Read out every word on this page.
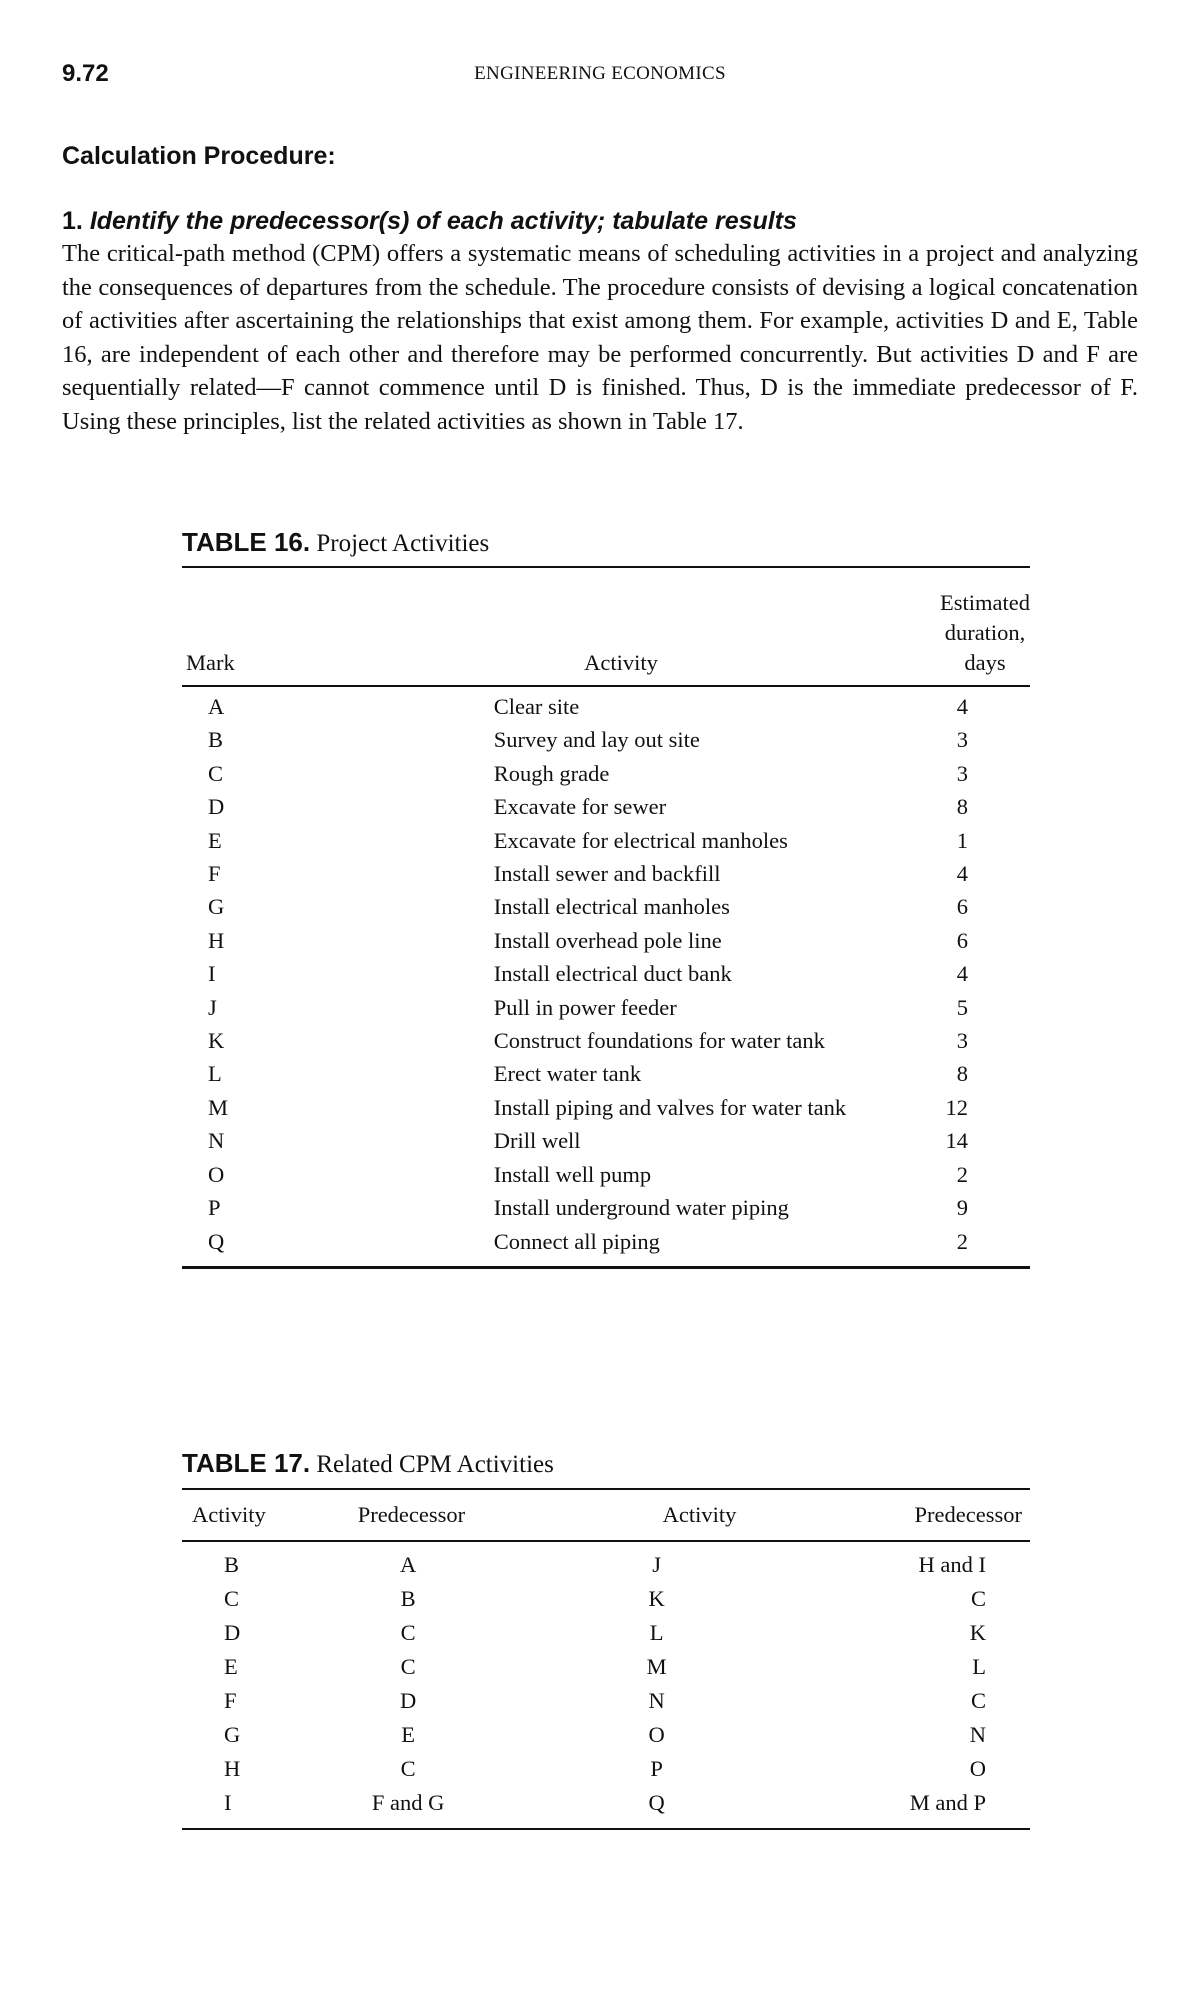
9.72	ENGINEERING ECONOMICS
Calculation Procedure:
1. Identify the predecessor(s) of each activity; tabulate results

The critical-path method (CPM) offers a systematic means of scheduling activities in a project and analyzing the consequences of departures from the schedule. The procedure consists of devising a logical concatenation of activities after ascertaining the relationships that exist among them. For example, activities D and E, Table 16, are independent of each other and therefore may be performed concurrently. But activities D and F are sequentially related—F cannot commence until D is finished. Thus, D is the immediate predecessor of F. Using these principles, list the related activities as shown in Table 17.

TABLE 16. Project Activities
Mark	Activity	Estimated duration, days
A	Clear site	4
B	Survey and lay out site	3
C	Rough grade	3
D	Excavate for sewer	8
E	Excavate for electrical manholes	1
F	Install sewer and backfill	4
G	Install electrical manholes	6
H	Install overhead pole line	6
I	Install electrical duct bank	4
J	Pull in power feeder	5
K	Construct foundations for water tank	3
L	Erect water tank	8
M	Install piping and valves for water tank	12
N	Drill well	14
O	Install well pump	2
P	Install underground water piping	9
Q	Connect all piping	2
TABLE 17. Related CPM Activities
Activity	Predecessor	Activity	Predecessor
B	A	J	H and I
C	B	K	C
D	C	L	K
E	C	M	L
F	D	N	C
G	E	O	N
H	C	P	O
I	F and G	Q	M and P
